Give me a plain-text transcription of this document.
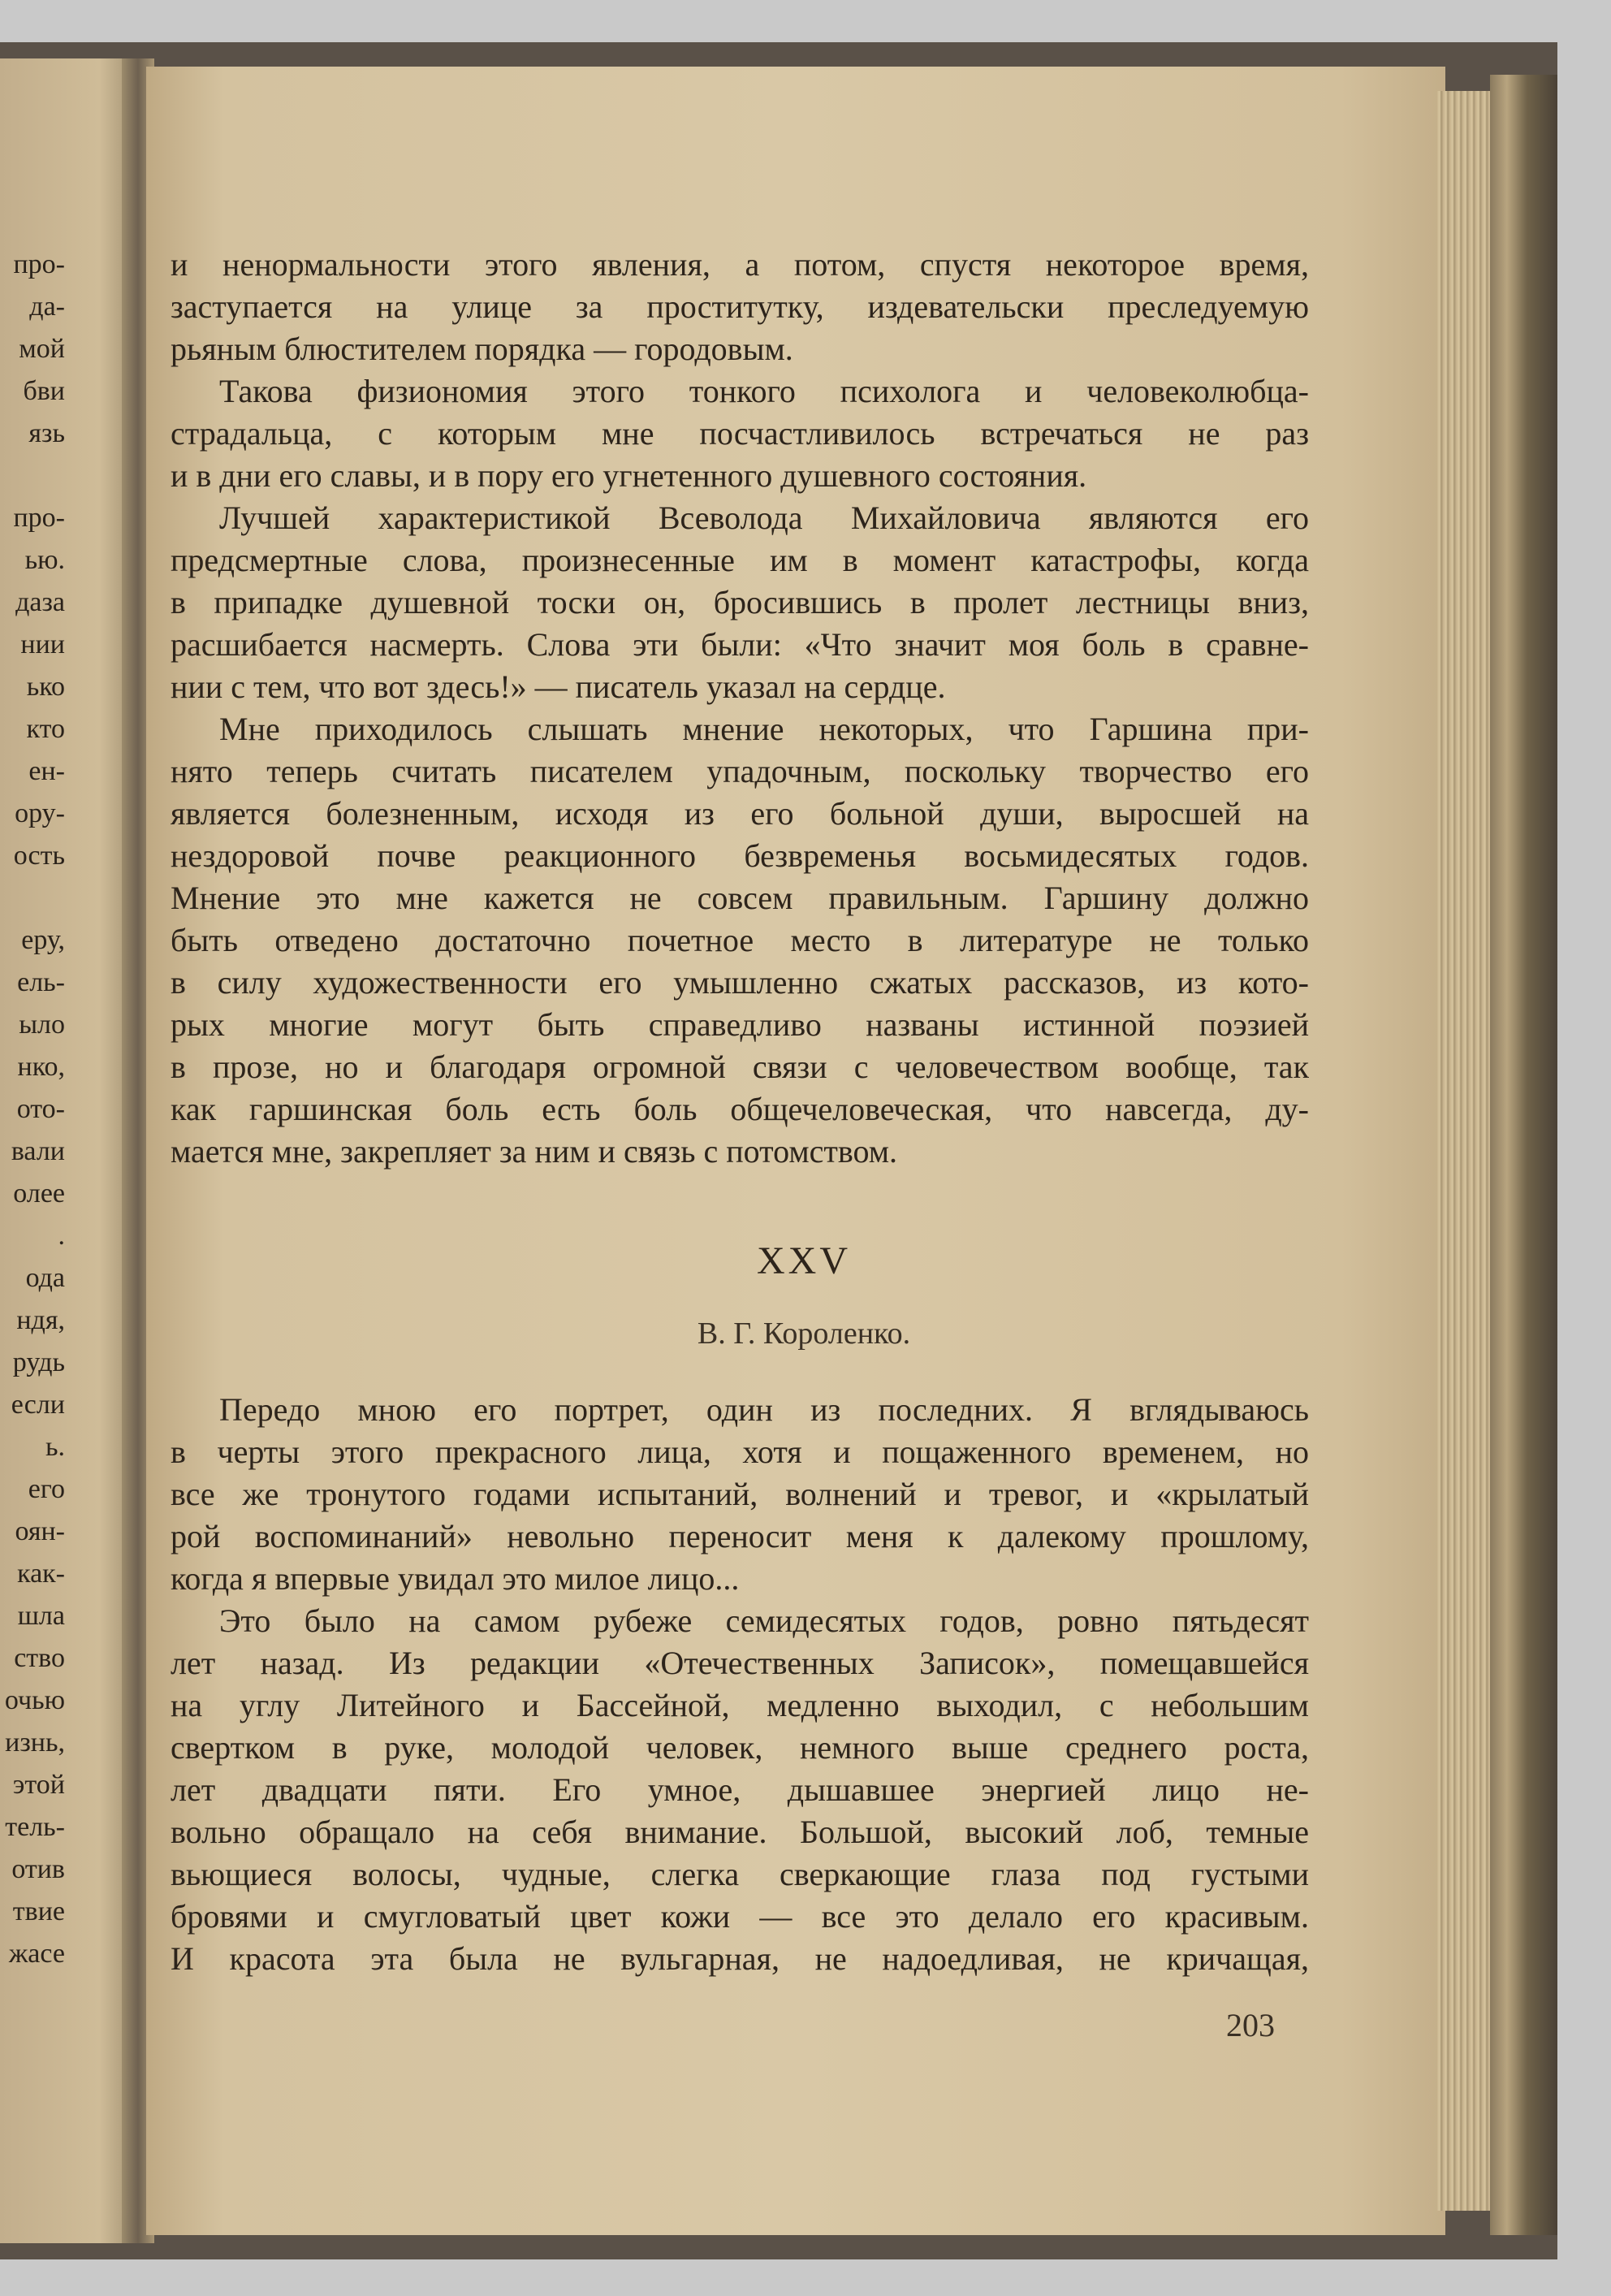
про-
да-
мой
бви
язь
про-
ью.
даза
нии
ько
кто
ен-
ору-
ость
еру,
ель-
ыло
нко,
ото-
вали
олее
.
ода
ндя,
рудь
если
ь.
его
оян-
как-
шла
ство
очью
изнь,
этой
тель-
отив
твие
жасе
и ненормальности этого явления, а потом, спустя некоторое время,
заступается на улице за проститутку, издевательски преследуемую
рьяным блюстителем порядка — городовым.
Такова физиономия этого тонкого психолога и человеколюбца-
страдальца, с которым мне посчастливилось встречаться не раз
и в дни его славы, и в пору его угнетенного душевного состояния.
Лучшей характеристикой Всеволода Михайловича являются его
предсмертные слова, произнесенные им в момент катастрофы, когда
в припадке душевной тоски он, бросившись в пролет лестницы вниз,
расшибается насмерть. Слова эти были: «Что значит моя боль в сравне-
нии с тем, что вот здесь!» — писатель указал на сердце.
Мне приходилось слышать мнение некоторых, что Гаршина при-
нято теперь считать писателем упадочным, поскольку творчество его
является болезненным, исходя из его больной души, выросшей на
нездоровой почве реакционного безвременья восьмидесятых годов.
Мнение это мне кажется не совсем правильным. Гаршину должно
быть отведено достаточно почетное место в литературе не только
в силу художественности его умышленно сжатых рассказов, из кото-
рых многие могут быть справедливо названы истинной поэзией
в прозе, но и благодаря огромной связи с человечеством вообще, так
как гаршинская боль есть боль общечеловеческая, что навсегда, ду-
мается мне, закрепляет за ним и связь с потомством.
XXV
В. Г. Короленко.
Передо мною его портрет, один из последних. Я вглядываюсь
в черты этого прекрасного лица, хотя и пощаженного временем, но
все же тронутого годами испытаний, волнений и тревог, и «крылатый
рой воспоминаний» невольно переносит меня к далекому прошлому,
когда я впервые увидал это милое лицо...
Это было на самом рубеже семидесятых годов, ровно пятьдесят
лет назад. Из редакции «Отечественных Записок», помещавшейся
на углу Литейного и Бассейной, медленно выходил, с небольшим
свертком в руке, молодой человек, немного выше среднего роста,
лет двадцати пяти. Его умное, дышавшее энергией лицо не-
вольно обращало на себя внимание. Большой, высокий лоб, темные
вьющиеся волосы, чудные, слегка сверкающие глаза под густыми
бровями и смугловатый цвет кожи — все это делало его красивым.
И красота эта была не вульгарная, не надоедливая, не кричащая,
203
